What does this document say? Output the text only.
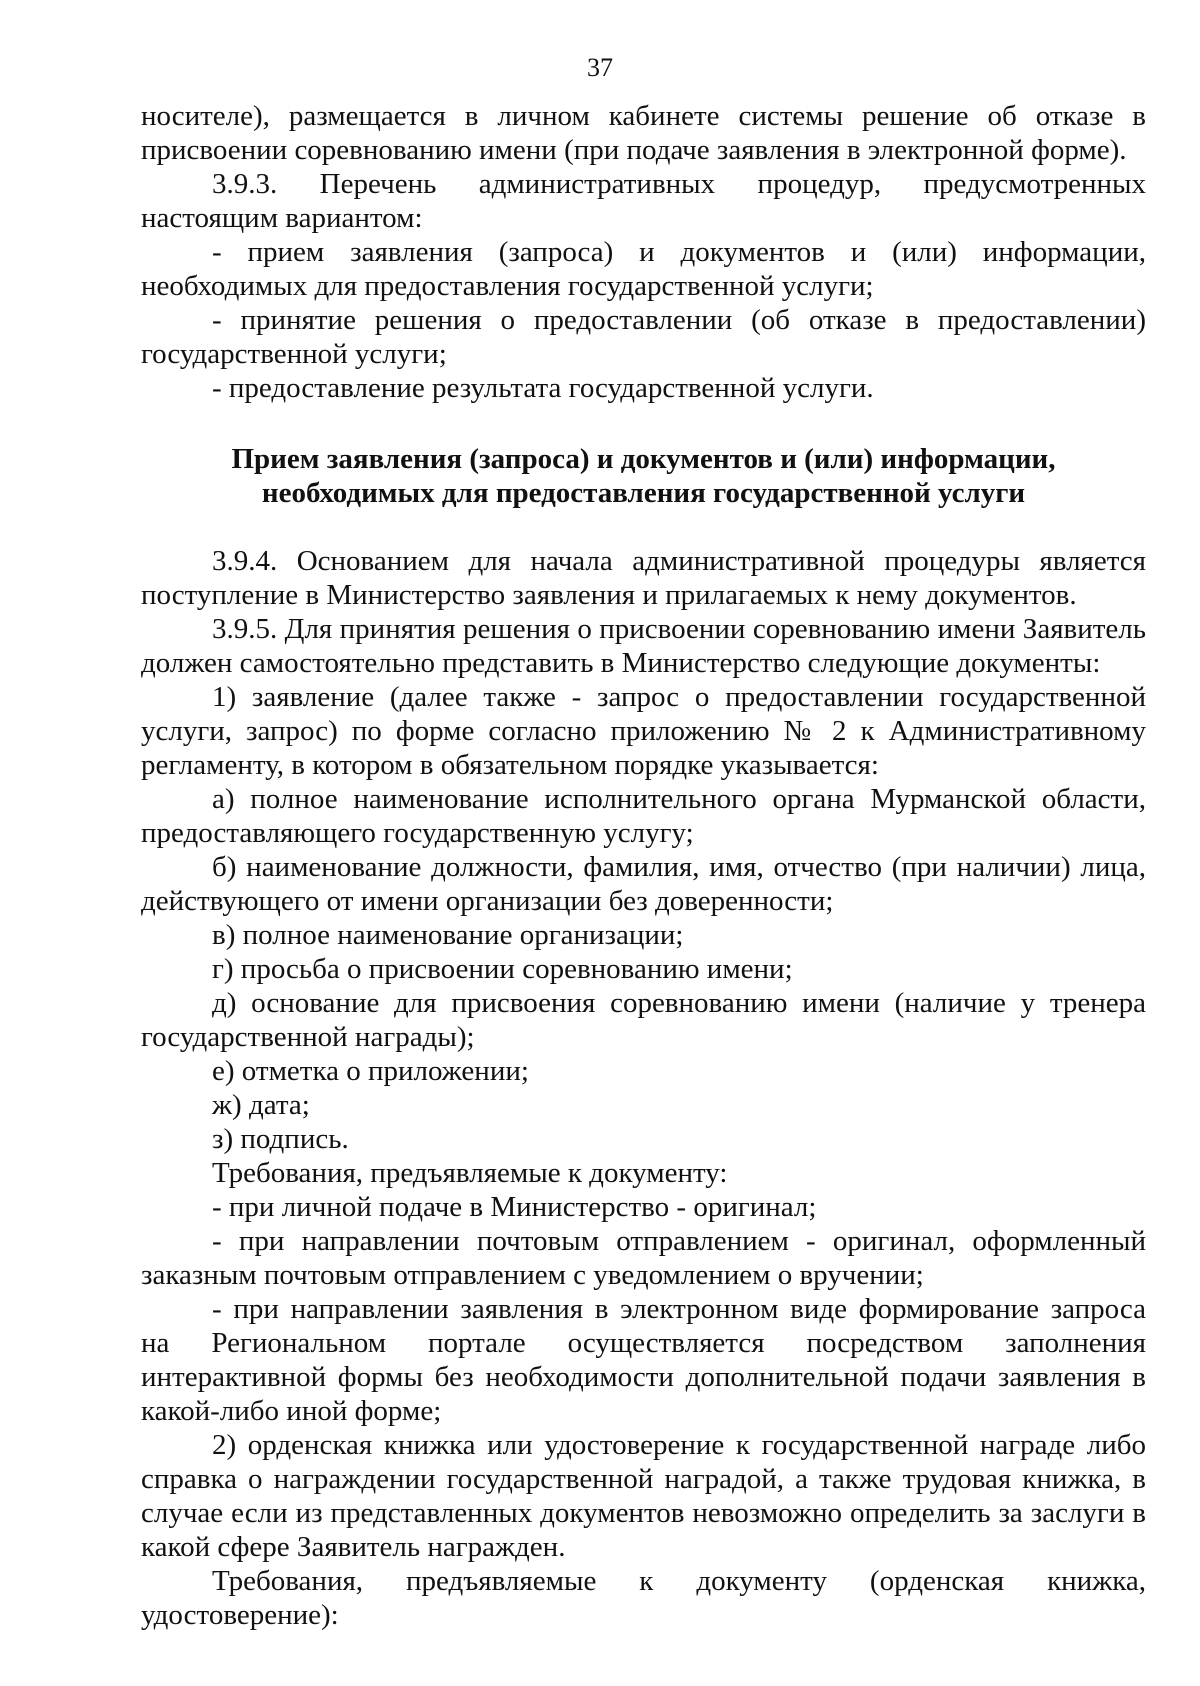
37

носителе), размещается в личном кабинете системы решение об отказе в присвоении соревнованию имени (при подаче заявления в электронной форме).

3.9.3. Перечень административных процедур, предусмотренных настоящим вариантом:

- прием заявления (запроса) и документов и (или) информации, необходимых для предоставления государственной услуги;

- принятие решения о предоставлении (об отказе в предоставлении) государственной услуги;

- предоставление результата государственной услуги.

Прием заявления (запроса) и документов и (или) информации,
необходимых для предоставления государственной услуги

3.9.4. Основанием для начала административной процедуры является поступление в Министерство заявления и прилагаемых к нему документов.

3.9.5. Для принятия решения о присвоении соревнованию имени Заявитель должен самостоятельно представить в Министерство следующие документы:

1) заявление (далее также - запрос о предоставлении государственной услуги, запрос) по форме согласно приложению № 2 к Административному регламенту, в котором в обязательном порядке указывается:

а) полное наименование исполнительного органа Мурманской области, предоставляющего государственную услугу;

б) наименование должности, фамилия, имя, отчество (при наличии) лица, действующего от имени организации без доверенности;

в) полное наименование организации;

г) просьба о присвоении соревнованию имени;

д) основание для присвоения соревнованию имени (наличие у тренера государственной награды);

е) отметка о приложении;

ж) дата;

з) подпись.

Требования, предъявляемые к документу:

- при личной подаче в Министерство - оригинал;

- при направлении почтовым отправлением - оригинал, оформленный заказным почтовым отправлением с уведомлением о вручении;

- при направлении заявления в электронном виде формирование запроса на Региональном портале осуществляется посредством заполнения интерактивной формы без необходимости дополнительной подачи заявления в какой-либо иной форме;

2) орденская книжка или удостоверение к государственной награде либо справка о награждении государственной наградой, а также трудовая книжка, в случае если из представленных документов невозможно определить за заслуги в какой сфере Заявитель награжден.

Требования, предъявляемые к документу (орденская книжка, удостоверение):
